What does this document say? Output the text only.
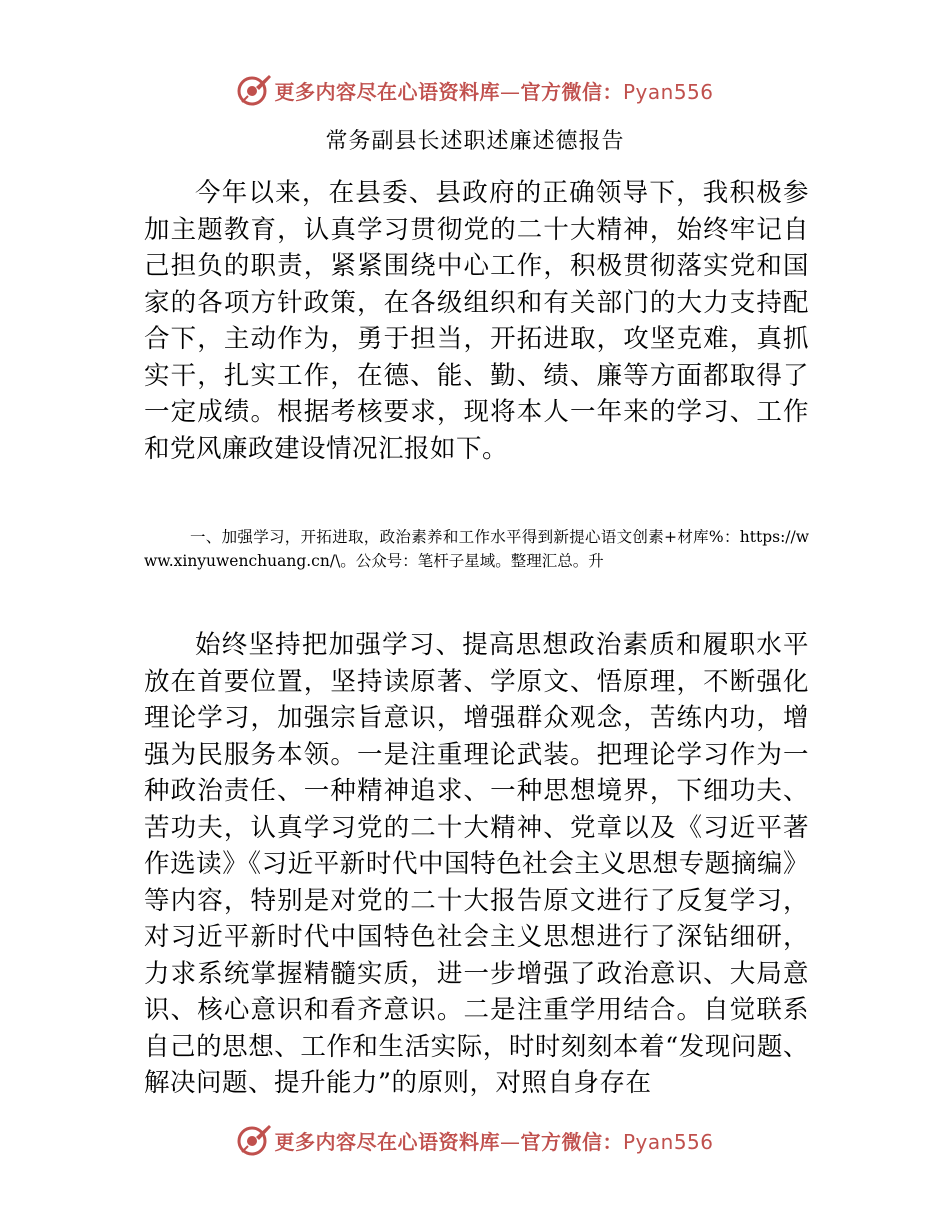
更多内容尽在心语资料库—官方微信：Pyan556
常务副县长述职述廉述德报告

今年以来，在县委、县政府的正确领导下，我积极参加主题教育，认真学习贯彻党的二十大精神，始终牢记自己担负的职责，紧紧围绕中心工作，积极贯彻落实党和国家的各项方针政策，在各级组织和有关部门的大力支持配合下，主动作为，勇于担当，开拓进取，攻坚克难，真抓实干，扎实工作，在德、能、勤、绩、廉等方面都取得了一定成绩。根据考核要求，现将本人一年来的学习、工作和党风廉政建设情况汇报如下。

一、加强学习，开拓进取，政治素养和工作水平得到新提心语文创素+材库%：https://www.xinyuwenchuang.cn/\。公众号：笔杆子星域。整理汇总。升

始终坚持把加强学习、提高思想政治素质和履职水平放在首要位置，坚持读原著、学原文、悟原理，不断强化理论学习，加强宗旨意识，增强群众观念，苦练内功，增强为民服务本领。一是注重理论武装。把理论学习作为一种政治责任、一种精神追求、一种思想境界，下细功夫、苦功夫，认真学习党的二十大精神、党章以及《习近平著作选读》《习近平新时代中国特色社会主义思想专题摘编》等内容，特别是对党的二十大报告原文进行了反复学习，对习近平新时代中国特色社会主义思想进行了深钻细研，力求系统掌握精髓实质，进一步增强了政治意识、大局意识、核心意识和看齐意识。二是注重学用结合。自觉联系自己的思想、工作和生活实际，时时刻刻本着“发现问题、解决问题、提升能力”的原则，对照自身存在

更多内容尽在心语资料库—官方微信：Pyan556
